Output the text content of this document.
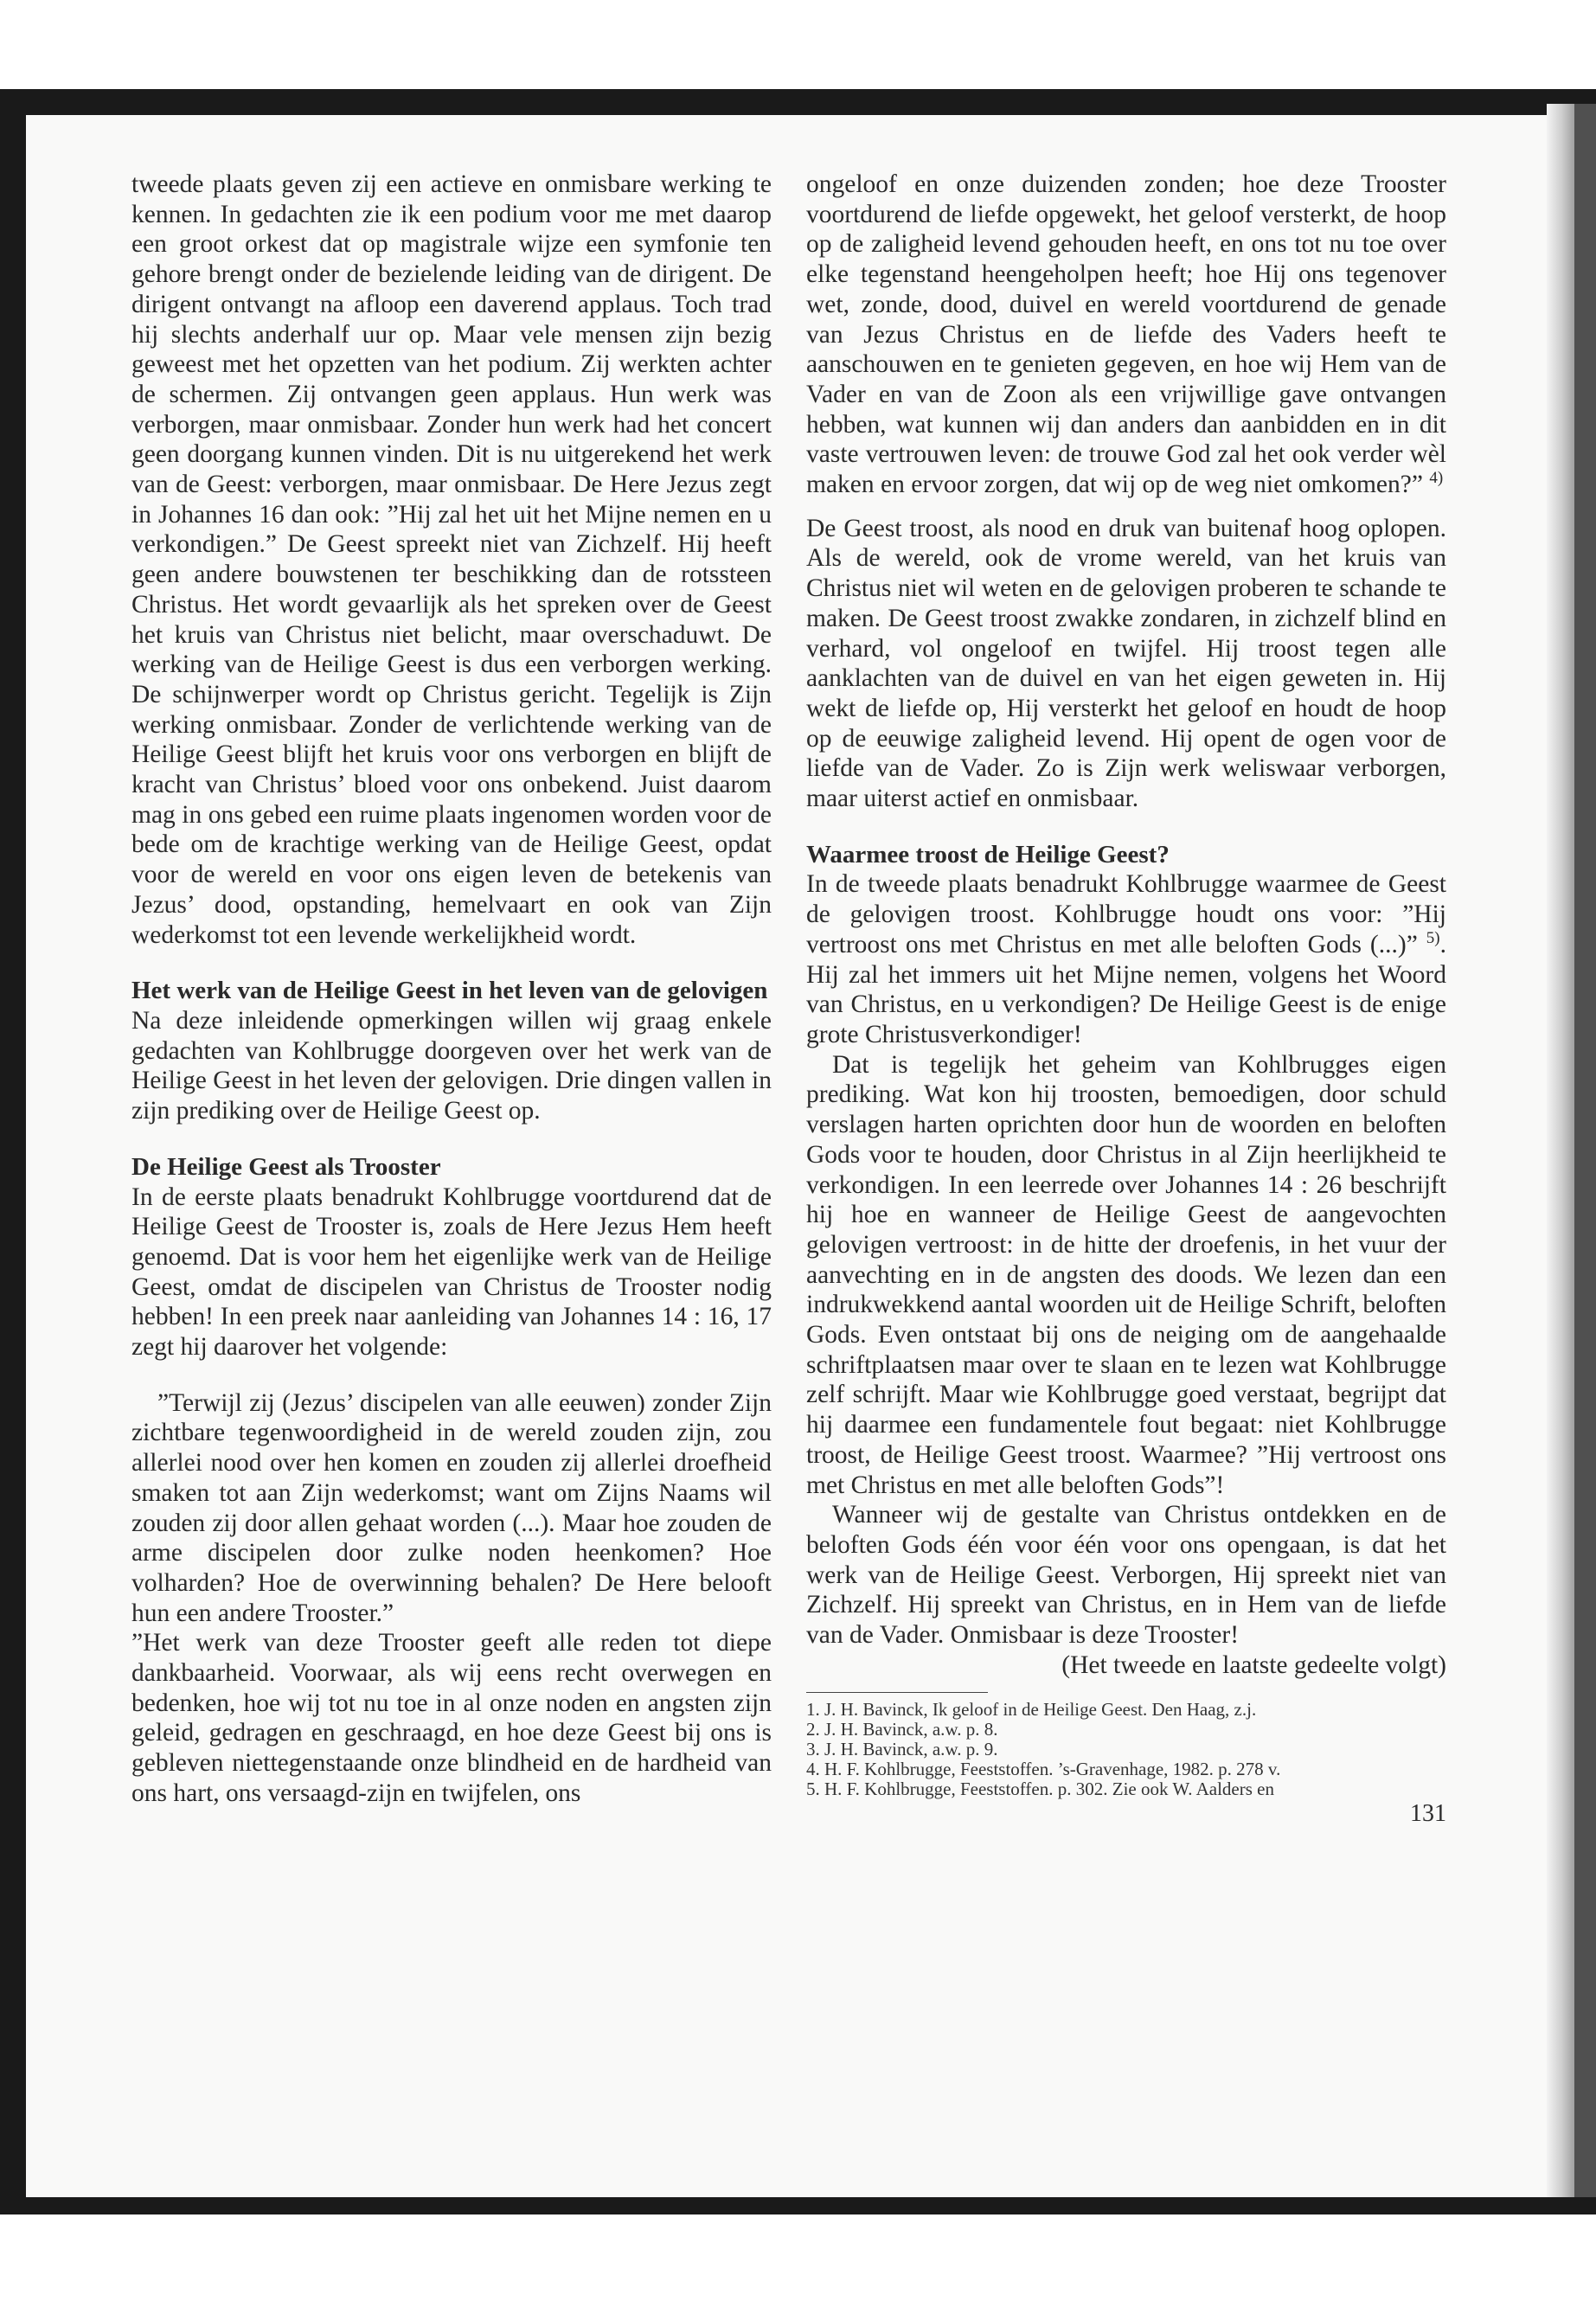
tweede plaats geven zij een actieve en onmisbare werking te kennen. In gedachten zie ik een podium voor me met daarop een groot orkest dat op magistrale wijze een symfonie ten gehore brengt onder de bezielende leiding van de dirigent. De dirigent ontvangt na afloop een daverend applaus. Toch trad hij slechts anderhalf uur op. Maar vele mensen zijn bezig geweest met het opzetten van het podium. Zij werkten achter de schermen. Zij ontvangen geen applaus. Hun werk was verborgen, maar onmisbaar. Zonder hun werk had het concert geen doorgang kunnen vinden. Dit is nu uitgerekend het werk van de Geest: verborgen, maar onmisbaar. De Here Jezus zegt in Johannes 16 dan ook: ”Hij zal het uit het Mijne nemen en u verkondigen.” De Geest spreekt niet van Zichzelf. Hij heeft geen andere bouwstenen ter beschikking dan de rotssteen Christus. Het wordt gevaarlijk als het spreken over de Geest het kruis van Christus niet belicht, maar overschaduwt. De werking van de Heilige Geest is dus een verborgen werking. De schijnwerper wordt op Christus gericht. Tegelijk is Zijn werking onmisbaar. Zonder de verlichtende werking van de Heilige Geest blijft het kruis voor ons verborgen en blijft de kracht van Christus’ bloed voor ons onbekend. Juist daarom mag in ons gebed een ruime plaats ingenomen worden voor de bede om de krachtige werking van de Heilige Geest, opdat voor de wereld en voor ons eigen leven de betekenis van Jezus’ dood, opstanding, hemelvaart en ook van Zijn wederkomst tot een levende werkelijkheid wordt.

Het werk van de Heilige Geest in het leven van de gelovigen

Na deze inleidende opmerkingen willen wij graag enkele gedachten van Kohlbrugge doorgeven over het werk van de Heilige Geest in het leven der gelovigen. Drie dingen vallen in zijn prediking over de Heilige Geest op.

De Heilige Geest als Trooster

In de eerste plaats benadrukt Kohlbrugge voortdurend dat de Heilige Geest de Trooster is, zoals de Here Jezus Hem heeft genoemd. Dat is voor hem het eigenlijke werk van de Heilige Geest, omdat de discipelen van Christus de Trooster nodig hebben! In een preek naar aanleiding van Johannes 14 : 16, 17 zegt hij daarover het volgende:

”Terwijl zij (Jezus’ discipelen van alle eeuwen) zonder Zijn zichtbare tegenwoordigheid in de wereld zouden zijn, zou allerlei nood over hen komen en zouden zij allerlei droefheid smaken tot aan Zijn wederkomst; want om Zijns Naams wil zouden zij door allen gehaat worden (...). Maar hoe zouden de arme discipelen door zulke noden heenkomen? Hoe volharden? Hoe de overwinning behalen? De Here belooft hun een andere Trooster.”

”Het werk van deze Trooster geeft alle reden tot diepe dankbaarheid. Voorwaar, als wij eens recht overwegen en bedenken, hoe wij tot nu toe in al onze noden en angsten zijn geleid, gedragen en geschraagd, en hoe deze Geest bij ons is gebleven niettegenstaande onze blindheid en de hardheid van ons hart, ons versaagd-zijn en twijfelen, ons

ongeloof en onze duizenden zonden; hoe deze Trooster voortdurend de liefde opgewekt, het geloof versterkt, de hoop op de zaligheid levend gehouden heeft, en ons tot nu toe over elke tegenstand heengeholpen heeft; hoe Hij ons tegenover wet, zonde, dood, duivel en wereld voortdurend de genade van Jezus Christus en de liefde des Vaders heeft te aanschouwen en te genieten gegeven, en hoe wij Hem van de Vader en van de Zoon als een vrijwillige gave ontvangen hebben, wat kunnen wij dan anders dan aanbidden en in dit vaste vertrouwen leven: de trouwe God zal het ook verder wèl maken en ervoor zorgen, dat wij op de weg niet omkomen?” $^{4)}$

De Geest troost, als nood en druk van buitenaf hoog oplopen. Als de wereld, ook de vrome wereld, van het kruis van Christus niet wil weten en de gelovigen proberen te schande te maken. De Geest troost zwakke zondaren, in zichzelf blind en verhard, vol ongeloof en twijfel. Hij troost tegen alle aanklachten van de duivel en van het eigen geweten in. Hij wekt de liefde op, Hij versterkt het geloof en houdt de hoop op de eeuwige zaligheid levend. Hij opent de ogen voor de liefde van de Vader. Zo is Zijn werk weliswaar verborgen, maar uiterst actief en onmisbaar.

Waarmee troost de Heilige Geest?

In de tweede plaats benadrukt Kohlbrugge waarmee de Geest de gelovigen troost. Kohlbrugge houdt ons voor: ”Hij vertroost ons met Christus en met alle beloften Gods (...)” $^{5)}$. Hij zal het immers uit het Mijne nemen, volgens het Woord van Christus, en u verkondigen? De Heilige Geest is de enige grote Christusverkondiger!

Dat is tegelijk het geheim van Kohlbrugges eigen prediking. Wat kon hij troosten, bemoedigen, door schuld verslagen harten oprichten door hun de woorden en beloften Gods voor te houden, door Christus in al Zijn heerlijkheid te verkondigen. In een leerrede over Johannes 14 : 26 beschrijft hij hoe en wanneer de Heilige Geest de aangevochten gelovigen vertroost: in de hitte der droefenis, in het vuur der aanvechting en in de angsten des doods. We lezen dan een indrukwekkend aantal woorden uit de Heilige Schrift, beloften Gods. Even ontstaat bij ons de neiging om de aangehaalde schriftplaatsen maar over te slaan en te lezen wat Kohlbrugge zelf schrijft. Maar wie Kohlbrugge goed verstaat, begrijpt dat hij daarmee een fundamentele fout begaat: niet Kohlbrugge troost, de Heilige Geest troost. Waarmee? ”Hij vertroost ons met Christus en met alle beloften Gods”!

Wanneer wij de gestalte van Christus ontdekken en de beloften Gods één voor één voor ons opengaan, is dat het werk van de Heilige Geest. Verborgen, Hij spreekt niet van Zichzelf. Hij spreekt van Christus, en in Hem van de liefde van de Vader. Onmisbaar is deze Trooster!

(Het tweede en laatste gedeelte volgt)

1. J. H. Bavinck, Ik geloof in de Heilige Geest. Den Haag, z.j.

2. J. H. Bavinck, a.w. p. 8.

3. J. H. Bavinck, a.w. p. 9.

4. H. F. Kohlbrugge, Feeststoffen. ’s-Gravenhage, 1982. p. 278 v.

5. H. F. Kohlbrugge, Feeststoffen. p. 302. Zie ook W. Aalders en

131
